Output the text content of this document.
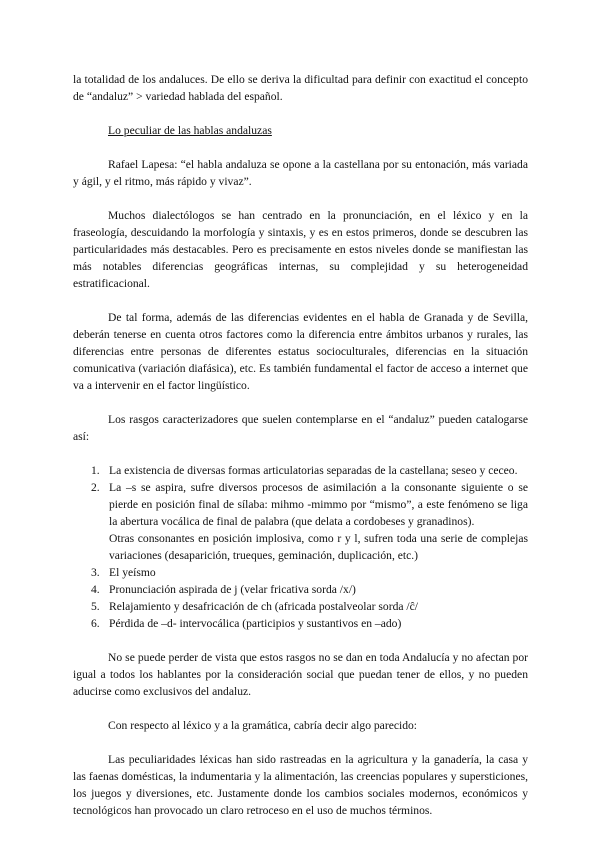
la totalidad de los andaluces. De ello se deriva la dificultad para definir con exactitud el concepto de “andaluz” > variedad hablada del español.

Lo peculiar de las hablas andaluzas

Rafael Lapesa: “el habla andaluza se opone a la castellana por su entonación, más variada y ágil, y el ritmo, más rápido y vivaz”.

Muchos dialectólogos se han centrado en la pronunciación, en el léxico y en la fraseología, descuidando la morfología y sintaxis, y es en estos primeros, donde se descubren las particularidades más destacables. Pero es precisamente en estos niveles donde se manifiestan las más notables diferencias geográficas internas, su complejidad y su heterogeneidad estratificacional.

De tal forma, además de las diferencias evidentes en el habla de Granada y de Sevilla, deberán tenerse en cuenta otros factores como la diferencia entre ámbitos urbanos y rurales, las diferencias entre personas de diferentes estatus socioculturales, diferencias en la situación comunicativa (variación diafásica), etc. Es también fundamental el factor de acceso a internet que va a intervenir en el factor lingüístico.

Los rasgos caracterizadores que suelen contemplarse en el “andaluz” pueden catalogarse así:

1. La existencia de diversas formas articulatorias separadas de la castellana; seseo y ceceo.
2. La –s se aspira, sufre diversos procesos de asimilación a la consonante siguiente o se pierde en posición final de sílaba: mihmo -mimmo por “mismo”, a este fenómeno se liga la abertura vocálica de final de palabra (que delata a cordobeses y granadinos).
Otras consonantes en posición implosiva, como r y l, sufren toda una serie de complejas variaciones (desaparición, trueques, geminación, duplicación, etc.)
3. El yeísmo
4. Pronunciación aspirada de j (velar fricativa sorda /x/)
5. Relajamiento y desafricación de ch (africada postalveolar sorda /ĉ/
6. Pérdida de –d- intervocálica (participios y sustantivos en –ado)

No se puede perder de vista que estos rasgos no se dan en toda Andalucía y no afectan por igual a todos los hablantes por la consideración social que puedan tener de ellos, y no pueden aducirse como exclusivos del andaluz.

Con respecto al léxico y a la gramática, cabría decir algo parecido:

Las peculiaridades léxicas han sido rastreadas en la agricultura y la ganadería, la casa y las faenas domésticas, la indumentaria y la alimentación, las creencias populares y supersticiones, los juegos y diversiones, etc. Justamente donde los cambios sociales modernos, económicos y tecnológicos han provocado un claro retroceso en el uso de muchos términos.
